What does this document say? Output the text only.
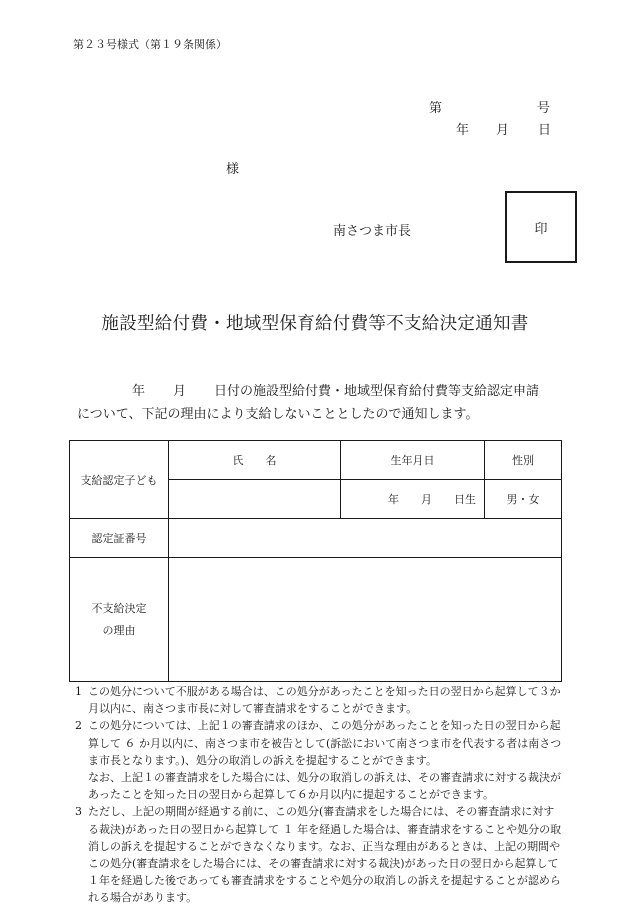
第２３号様式（第１９条関係）
第	号
年 月 日
様
南さつま市長	印
施設型給付費・地域型保育給付費等不支給決定通知書
年 月 日付の施設型給付費・地域型保育給付費等支給認定申請
について、下記の理由により支給しないこととしたので通知します。
支給認定子ども	氏　　名	生年月日	性別
		年 月 日生	男・女
認定証番号			

不支給決定
の理由			

1 この処分について不服がある場合は、この処分があったことを知った日の翌日から起算して３か月以内に、南さつま市長に対して審査請求をすることができます。
2 この処分については、上記１の審査請求のほか、この処分があったことを知った日の翌日から起算して ６ か月以内に、南さつま市を被告として(訴訟において南さつま市を代表する者は南さつま市長となります。)、処分の取消しの訴えを提起することができます。
なお、上記１の審査請求をした場合には、処分の取消しの訴えは、その審査請求に対する裁決があったことを知った日の翌日から起算して６か月以内に提起することができます。
3 ただし、上記の期間が経過する前に、この処分(審査請求をした場合には、その審査請求に対する裁決)があった日の翌日から起算して １ 年を経過した場合は、審査請求をすることや処分の取消しの訴えを提起することができなくなります。なお、正当な理由があるときは、上記の期間やこの処分(審査請求をした場合には、その審査請求に対する裁決)があった日の翌日から起算して１年を経過した後であっても審査請求をすることや処分の取消しの訴えを提起することが認められる場合があります。
